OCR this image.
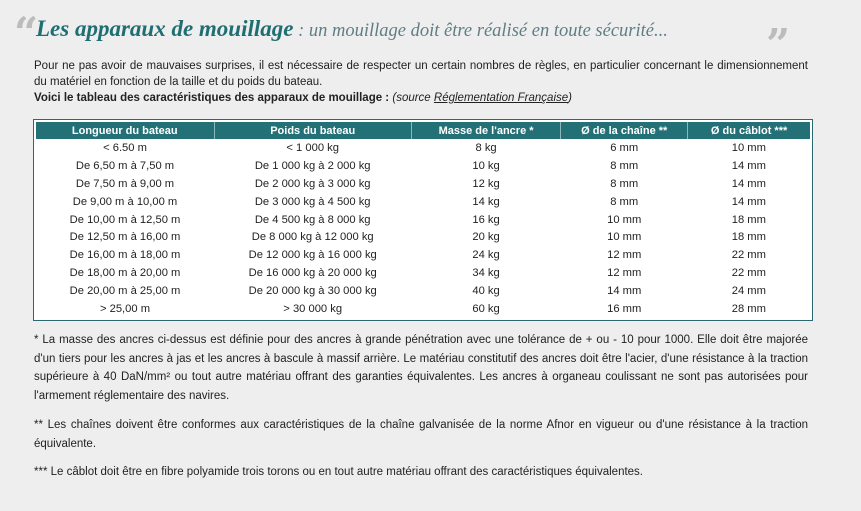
“
Les apparaux de mouillage : un mouillage doit être réalisé en toute sécurité... ”
Pour ne pas avoir de mauvaises surprises, il est nécessaire de respecter un certain nombres de règles, en particulier concernant le dimensionnement du matériel en fonction de la taille et du poids du bateau.
Voici le tableau des caractéristiques des apparaux de mouillage : (source Réglementation Française)
Longueur du bateau	Poids du bateau	Masse de l'ancre *	Ø de la chaîne **	Ø du câblot ***
< 6.50 m	< 1 000 kg	8 kg	6 mm	10 mm
De 6,50 m à 7,50 m	De 1 000 kg à 2 000 kg	10 kg	8 mm	14 mm
De 7,50 m à 9,00 m	De 2 000 kg à 3 000 kg	12 kg	8 mm	14 mm
De 9,00 m à 10,00 m	De 3 000 kg à 4 500 kg	14 kg	8 mm	14 mm
De 10,00 m à 12,50 m	De 4 500 kg à 8 000 kg	16 kg	10 mm	18 mm
De 12,50 m à 16,00 m	De 8 000 kg à 12 000 kg	20 kg	10 mm	18 mm
De 16,00 m à 18,00 m	De 12 000 kg à 16 000 kg	24 kg	12 mm	22 mm
De 18,00 m à 20,00 m	De 16 000 kg à 20 000 kg	34 kg	12 mm	22 mm
De 20,00 m à 25,00 m	De 20 000 kg à 30 000 kg	40 kg	14 mm	24 mm
> 25,00 m	> 30 000 kg	60 kg	16 mm	28 mm

* La masse des ancres ci-dessus est définie pour des ancres à grande pénétration avec une tolérance de + ou - 10 pour 1000. Elle doit être majorée d'un tiers pour les ancres à jas et les ancres à bascule à massif arrière. Le matériau constitutif des ancres doit être l'acier, d'une résistance à la traction supérieure à 40 DaN/mm² ou tout autre matériau offrant des garanties équivalentes. Les ancres à organeau coulissant ne sont pas autorisées pour l'armement réglementaire des navires.

** Les chaînes doivent être conformes aux caractéristiques de la chaîne galvanisée de la norme Afnor en vigueur ou d'une résistance à la traction équivalente.

*** Le câblot doit être en fibre polyamide trois torons ou en tout autre matériau offrant des caractéristiques équivalentes.
